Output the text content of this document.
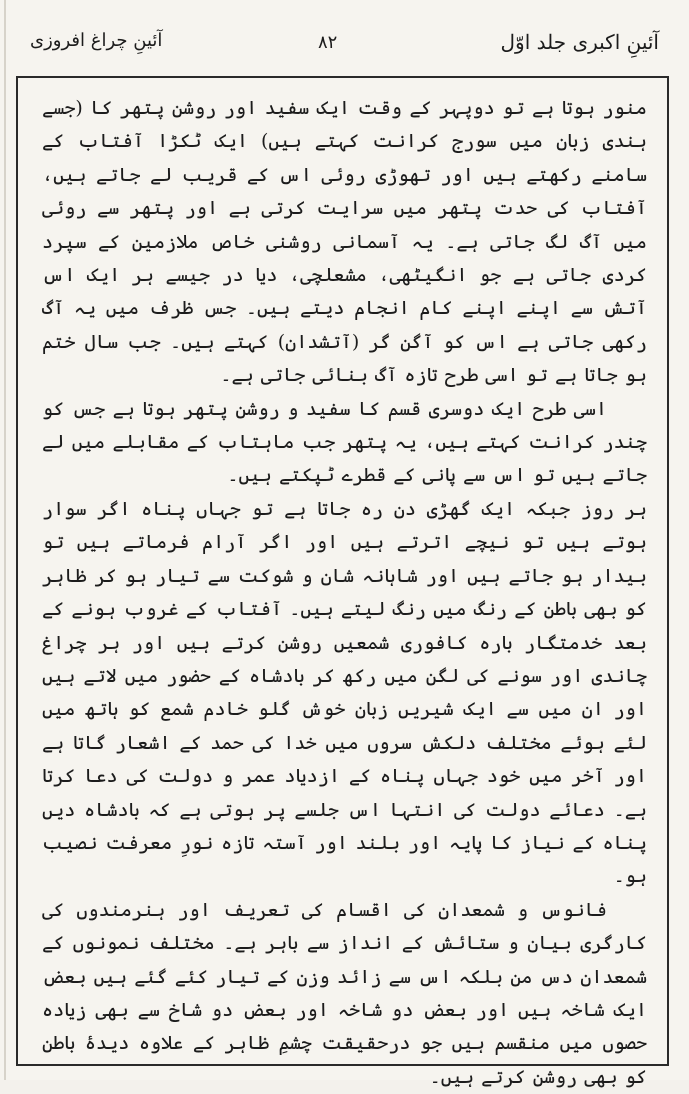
آئینِ اکبری جلد اوّل
۸۲
آئینِ چراغ افروزی

منور ہوتا ہے تو دوپہر کے وقت ایک سفید اور روشن پتھر کا (جسے ہندی زبان میں سورج کرانت کہتے ہیں) ایک ٹکڑا آفتاب کے سامنے رکھتے ہیں اور تھوڑی روئی اس کے قریب لے جاتے ہیں، آفتاب کی حدت پتھر میں سرایت کرتی ہے اور پتھر سے روئی میں آگ لگ جاتی ہے۔ یہ آسمانی روشنی خاص ملازمین کے سپرد کردی جاتی ہے جو انگیٹھی، مشعلچی، دیا در جیسے ہر ایک اس آتش سے اپنے اپنے کام انجام دیتے ہیں۔ جس ظرف میں یہ آگ رکھی جاتی ہے اس کو آگن گر (آتشدان) کہتے ہیں۔ جب سال ختم ہو جاتا ہے تو اسی طرح تازہ آگ بنائی جاتی ہے۔

اسی طرح ایک دوسری قسم کا سفید و روشن پتھر ہوتا ہے جس کو چندر کرانت کہتے ہیں، یہ پتھر جب ماہتاب کے مقابلے میں لے جاتے ہیں تو اس سے پانی کے قطرے ٹپکتے ہیں۔

ہر روز جبکہ ایک گھڑی دن رہ جاتا ہے تو جہاں پناہ اگر سوار ہوتے ہیں تو نیچے اترتے ہیں اور اگر آرام فرماتے ہیں تو بیدار ہو جاتے ہیں اور شاہانہ شان و شوکت سے تیار ہو کر ظاہر کو بھی باطن کے رنگ میں رنگ لیتے ہیں۔ آفتاب کے غروب ہونے کے بعد خدمتگار بارہ کافوری شمعیں روشن کرتے ہیں اور ہر چراغ چاندی اور سونے کی لگن میں رکھ کر بادشاہ کے حضور میں لاتے ہیں اور ان میں سے ایک شیریں زبان خوش گلو خادم شمع کو ہاتھ میں لئے ہوئے مختلف دلکش سروں میں خدا کی حمد کے اشعار گاتا ہے اور آخر میں خود جہاں پناہ کے ازدیاد عمر و دولت کی دعا کرتا ہے۔ دعائے دولت کی انتہا اس جلسے پر ہوتی ہے کہ بادشاہ دیں پناہ کے نیاز کا پایہ اور بلند اور آستہ تازہ نورِ معرفت نصیب ہو۔

فانوس و شمعدان کی اقسام کی تعریف اور ہنرمندوں کی کارگری بیان و ستائش کے انداز سے باہر ہے۔ مختلف نمونوں کے شمعدان دس من بلکہ اس سے زائد وزن کے تیار کئے گئے ہیں بعض ایک شاخہ ہیں اور بعض دو شاخہ اور بعض دو شاخ سے بھی زیادہ حصوں میں منقسم ہیں جو درحقیقت چشمِ ظاہر کے علاوہ دیدۂ باطن کو بھی روشن کرتے ہیں۔
